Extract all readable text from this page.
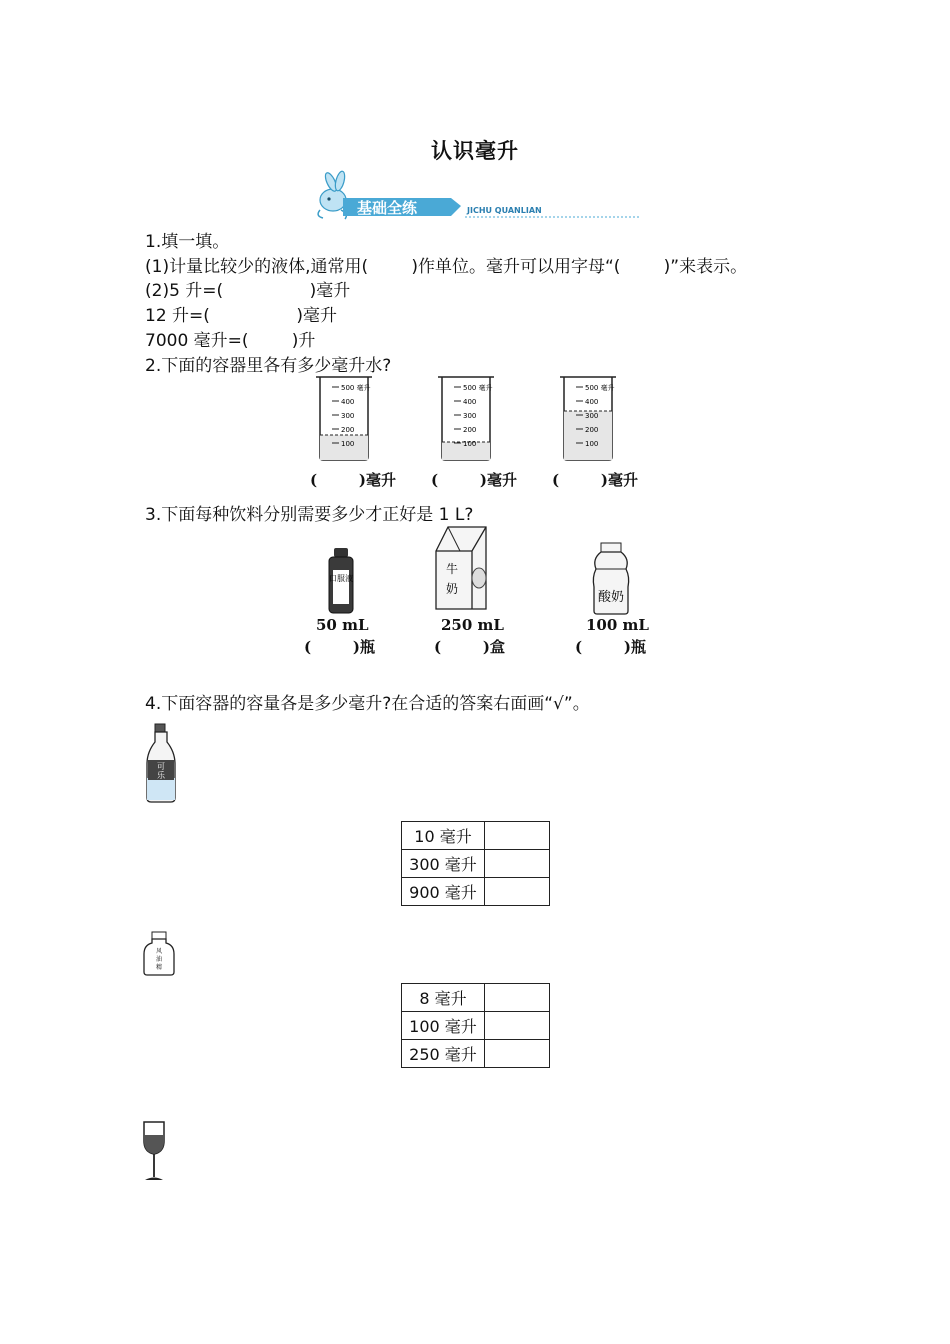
认识毫升
基础全练	JICHU QUANLIAN
1.填一填。
(1)计量比较少的液体,通常用(        )作单位。毫升可以用字母“(        )”来表示。
(2)5 升=(                )毫升
12 升=(                )毫升
7000 毫升=(        )升
2.下面的容器里各有多少毫升水?
500 毫升
400
300
200
100
500 毫升
400
300
200
100
500 毫升
400
300
200
100
(        )毫升 (        )毫升 (        )毫升
3.下面每种饮料分别需要多少才正好是 1 L?
口服液
牛
奶
酸奶
50 mL	250 mL	100 mL
(        )瓶	(        )盒	(        )瓶
4.下面容器的容量各是多少毫升?在合适的答案右面画“√”。
可
乐
10 毫升	
300 毫升	
900 毫升	
风
油
精
8 毫升	
100 毫升	
250 毫升	
